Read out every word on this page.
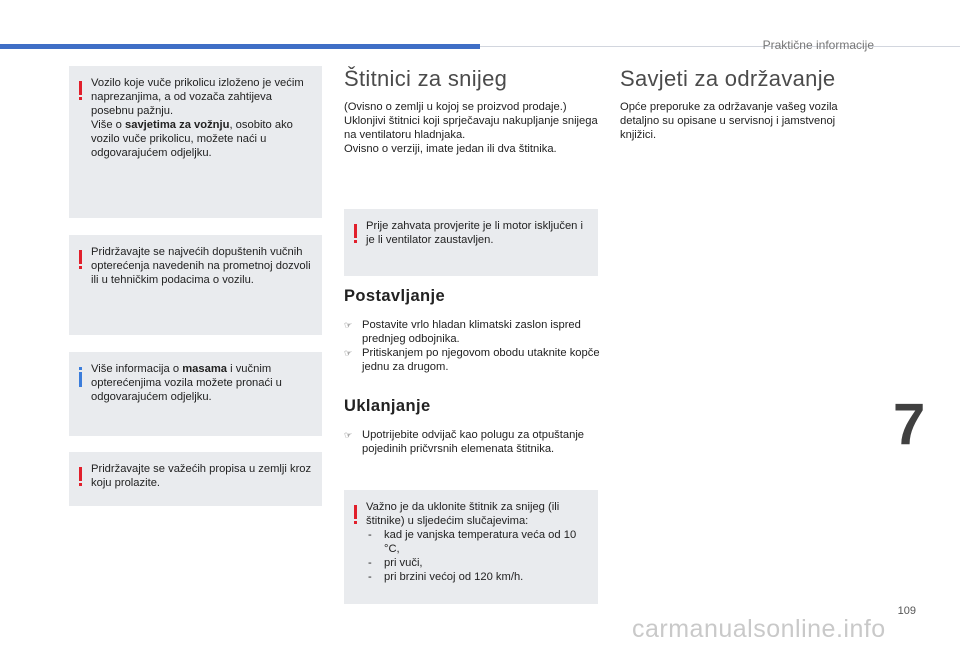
Praktične informacije
Vozilo koje vuče prikolicu izloženo je većim naprezanjima, a od vozača zahtijeva posebnu pažnju.
Više o savjetima za vožnju, osobito ako vozilo vuče prikolicu, možete naći u odgovarajućem odjeljku.
Pridržavajte se najvećih dopuštenih vučnih opterećenja navedenih na prometnoj dozvoli ili u tehničkim podacima o vozilu.
Više informacija o masama i vučnim opterećenjima vozila možete pronaći u odgovarajućem odjeljku.
Pridržavajte se važećih propisa u zemlji kroz koju prolazite.
Štitnici za snijeg
(Ovisno o zemlji u kojoj se proizvod prodaje.)
Uklonjivi štitnici koji sprječavaju nakupljanje snijega na ventilatoru hladnjaka.
Ovisno o verziji, imate jedan ili dva štitnika.
Prije zahvata provjerite je li motor isključen i je li ventilator zaustavljen.
Postavljanje
☞ Postavite vrlo hladan klimatski zaslon ispred prednjeg odbojnika.
☞ Pritiskanjem po njegovom obodu utaknite kopče jednu za drugom.
Uklanjanje
☞ Upotrijebite odvijač kao polugu za otpuštanje pojedinih pričvrsnih elemenata štitnika.
Važno je da uklonite štitnik za snijeg (ili štitnike) u sljedećim slučajevima:
- kad je vanjska temperatura veća od 10 °C,
- pri vuči,
- pri brzini većoj od 120 km/h.
Savjeti za održavanje
Opće preporuke za održavanje vašeg vozila detaljno su opisane u servisnoj i jamstvenoj knjižici.
7
109
carmanualsonline.info
